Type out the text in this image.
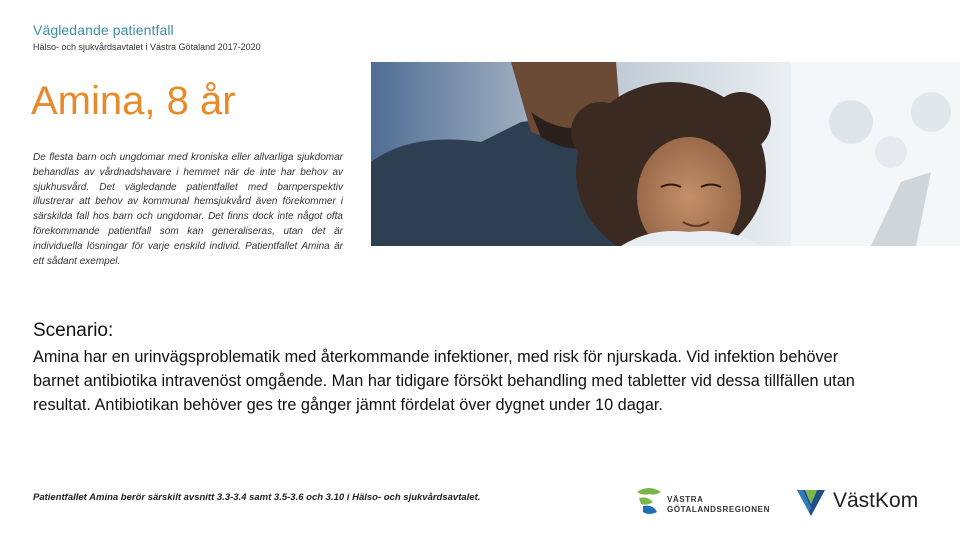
Vägledande patientfall
Hälso- och sjukvårdsavtalet i Västra Götaland 2017-2020
Amina, 8 år
De flesta barn och ungdomar med kroniska eller allvarliga sjukdomar behandlas av vårdnadshavare i hemmet när de inte har behov av sjukhusvård. Det vägledande patientfallet med barnperspektiv illustrerar att behov av kommunal hemsjukvård även förekommer i särskilda fall hos barn och ungdomar. Det finns dock inte något ofta förekommande patientfall som kan generaliseras, utan det är individuella lösningar för varje enskild individ. Patientfallet Amina är ett sådant exempel.
Scenario:
Amina har en urinvägsproblematik med återkommande infektioner, med risk för njurskada. Vid infektion behöver barnet antibiotika intravenöst omgående. Man har tidigare försökt behandling med tabletter vid dessa tillfällen utan resultat. Antibiotikan behöver ges tre gånger jämnt fördelat över dygnet under 10 dagar.
Patientfallet Amina berör särskilt avsnitt 3.3-3.4 samt 3.5-3.6 och 3.10 i Hälso- och sjukvårdsavtalet.	VÄSTRA
GÖTALANDSREGIONEN	VästKom
